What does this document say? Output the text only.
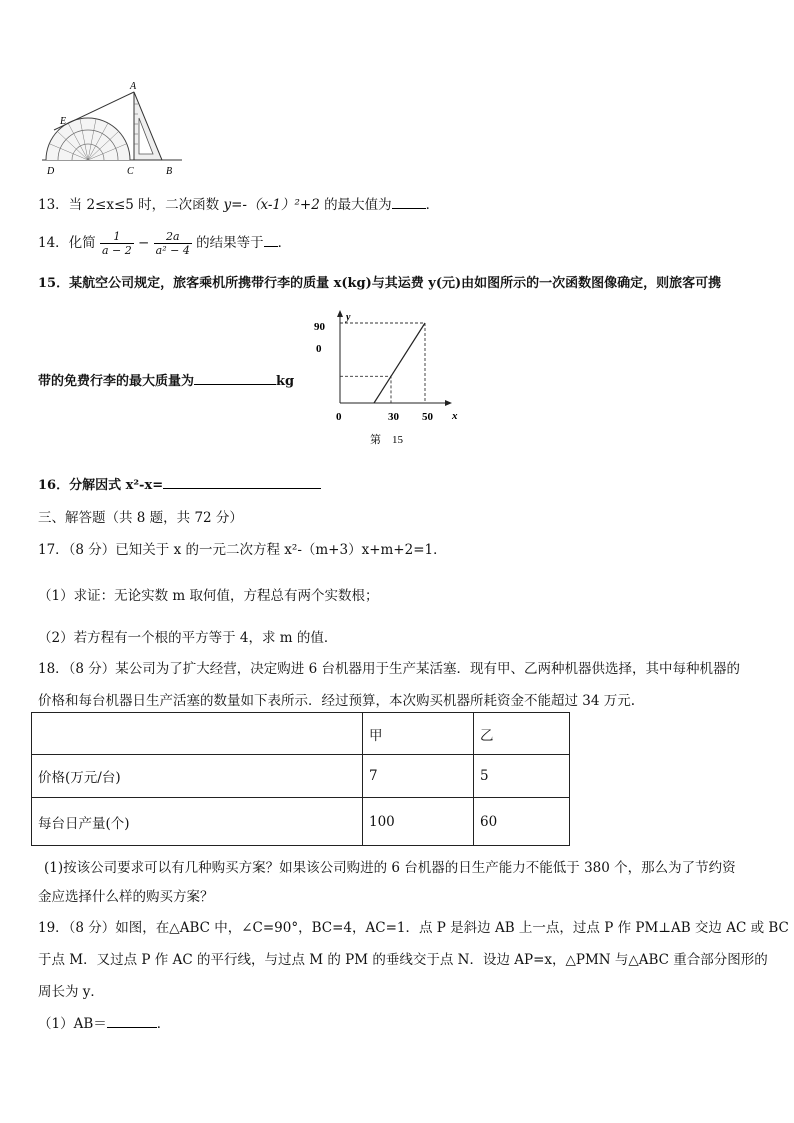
A
E
D	C	B
13．当 2≤x≤5 时，二次函数 y=-（x-1）²+2 的最大值为	．
14．化简 $\frac{1}{a - 2} - \frac{2a}{\text{a² − 4}}$ 的结果等于 ．
15．某航空公司规定，旅客乘机所携带行李的质量 x(kg)与其运费 y(元)由如图所示的一次函数图像确定，则旅客可携
带的免费行李的最大质量为	kg
y
x
90
0
0	30 50
第　15
16．分解因式 x²-x=
三、解答题（共 8 题，共 72 分）
17．（8 分）已知关于 x 的一元二次方程 x²-（m+3）x+m+2=1．
（1）求证：无论实数 m 取何值，方程总有两个实数根；
（2）若方程有一个根的平方等于 4，求 m 的值．
18．（8 分）某公司为了扩大经营，决定购进 6 台机器用于生产某活塞．现有甲、乙两种机器供选择，其中每种机器的
价格和每台机器日生产活塞的数量如下表所示．经过预算，本次购买机器所耗资金不能超过 34 万元.
	甲	乙
价格(万元/台)	7	5
每台日产量(个)	100	60
(1)按该公司要求可以有几种购买方案？如果该公司购进的 6 台机器的日生产能力不能低于 380 个，那么为了节约资
金应选择什么样的购买方案？
19．（8 分）如图，在△ABC 中，∠C=90°，BC=4，AC=1．点 P 是斜边 AB 上一点，过点 P 作 PM⊥AB 交边 AC 或 BC
于点 M．又过点 P 作 AC 的平行线，与过点 M 的 PM 的垂线交于点 N．设边 AP=x，△PMN 与△ABC 重合部分图形的
周长为 y．
（1）AB＝	．
